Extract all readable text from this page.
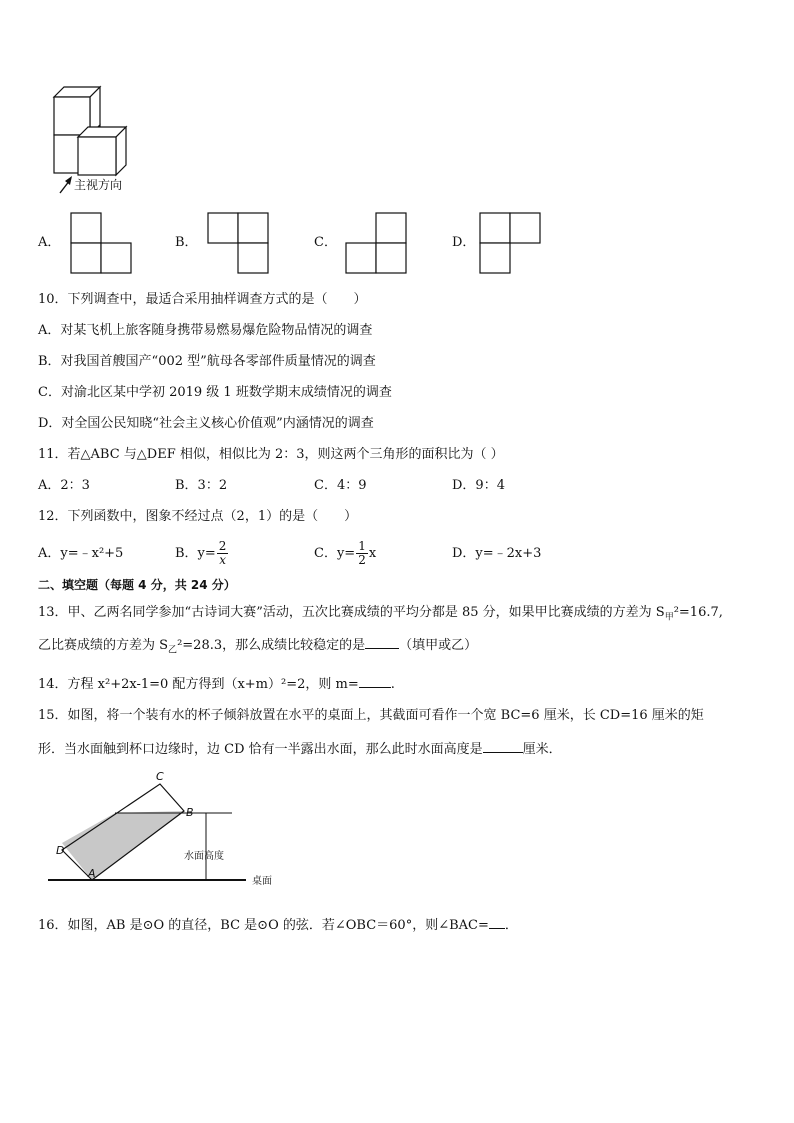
主视方向
A．	B．	C．	D．
10．下列调查中，最适合采用抽样调查方式的是（　　）
A．对某飞机上旅客随身携带易燃易爆危险物品情况的调查
B．对我国首艘国产“002 型”航母各零部件质量情况的调查
C．对渝北区某中学初 2019 级 1 班数学期末成绩情况的调查
D．对全国公民知晓“社会主义核心价值观”内涵情况的调查
11．若△ABC 与△DEF 相似，相似比为 2：3，则这两个三角形的面积比为（ ）
A．2：3	B．3：2	C．4：9	D．9：4
12．下列函数中，图象不经过点（2，1）的是（　　）
A．y=﹣x²+5	B．$y= \frac{2}{x}$	C．$y= \frac{1}{2}$ x	D．y=﹣2x+3
二、填空题（每题 4 分，共 24 分）
13．甲、乙两名同学参加“古诗词大赛”活动，五次比赛成绩的平均分都是 85 分，如果甲比赛成绩的方差为 $S_甲^2=16.7$,
乙比赛成绩的方差为 $S_乙^2=28.3$，那么成绩比较稳定的是	（填甲或乙）
14．方程 x²+2x-1=0 配方得到（x+m）²=2，则 m= .
15．如图，将一个装有水的杯子倾斜放置在水平的桌面上，其截面可看作一个宽 BC=6 厘米，长 CD=16 厘米的矩
形．当水面触到杯口边缘时，边 CD 恰有一半露出水面，那么此时水面高度是	厘米．
C
B
D
A
水面高度
桌面
16．如图，AB 是⊙O 的直径，BC 是⊙O 的弦．若∠OBC＝60°，则∠BAC= ．
